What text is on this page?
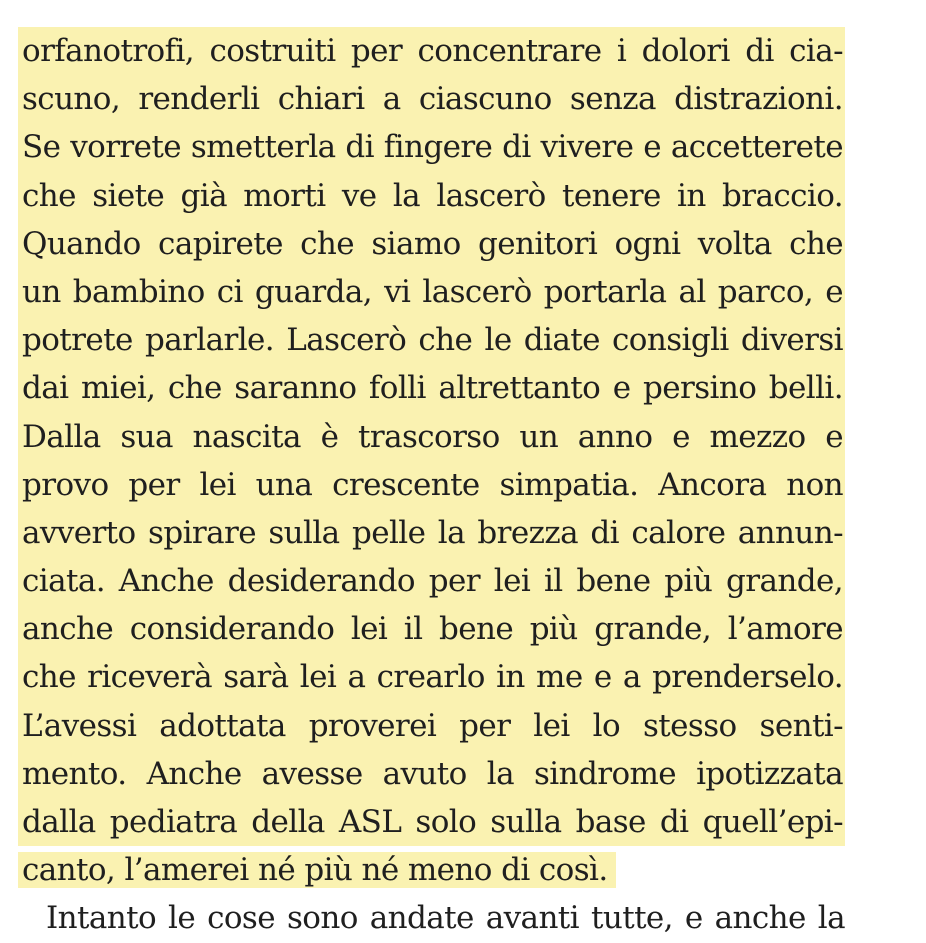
orfanotrofi, costruiti per concentrare i dolori di cia-
scuno, renderli chiari a ciascuno senza distrazioni.
Se vorrete smetterla di fingere di vivere e accetterete
che siete già morti ve la lascerò tenere in braccio.
Quando capirete che siamo genitori ogni volta che
un bambino ci guarda, vi lascerò portarla al parco, e
potrete parlarle. Lascerò che le diate consigli diversi
dai miei, che saranno folli altrettanto e persino belli.
Dalla sua nascita è trascorso un anno e mezzo e
provo per lei una crescente simpatia. Ancora non
avverto spirare sulla pelle la brezza di calore annun-
ciata. Anche desiderando per lei il bene più grande,
anche considerando lei il bene più grande, l’amore
che riceverà sarà lei a crearlo in me e a prenderselo.
L’avessi adottata proverei per lei lo stesso senti-
mento. Anche avesse avuto la sindrome ipotizzata
dalla pediatra della ASL solo sulla base di quell’epi-
canto, l’amerei né più né meno di così.
Intanto le cose sono andate avanti tutte, e anche la
